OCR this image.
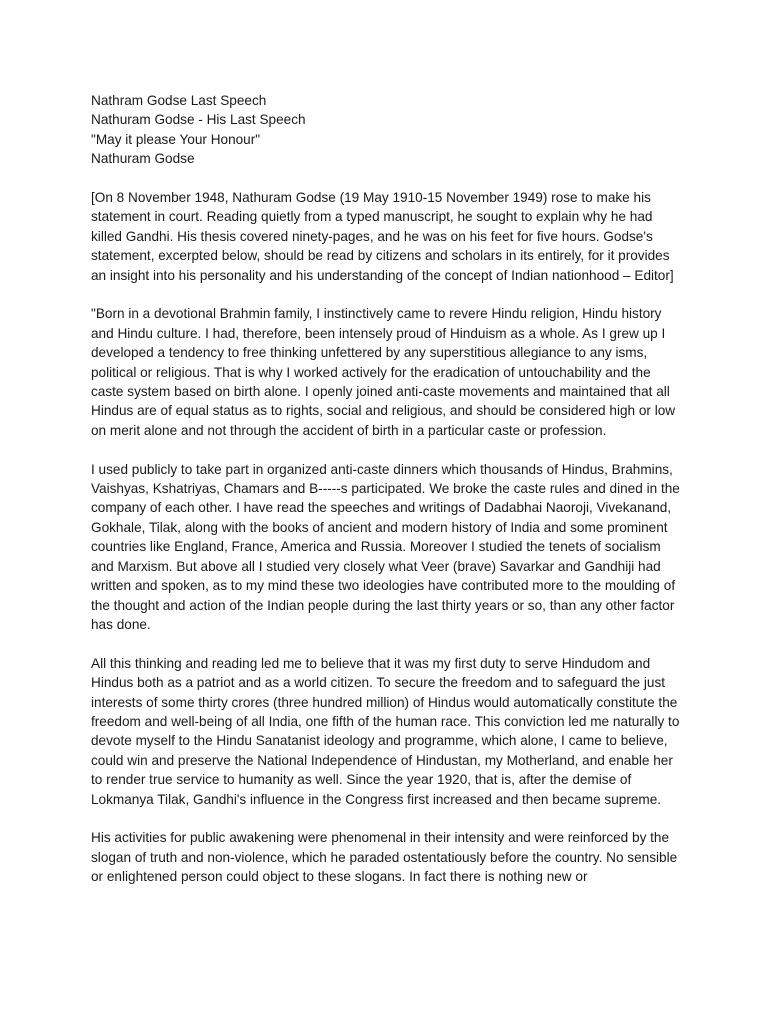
Nathram Godse Last Speech
Nathuram Godse - His Last Speech
"May it please Your Honour"
Nathuram Godse

[On 8 November 1948, Nathuram Godse (19 May 1910-15 November 1949) rose to make his statement in court. Reading quietly from a typed manuscript, he sought to explain why he had killed Gandhi. His thesis covered ninety-pages, and he was on his feet for five hours. Godse's statement, excerpted below, should be read by citizens and scholars in its entirely, for it provides an insight into his personality and his understanding of the concept of Indian nationhood – Editor]

"Born in a devotional Brahmin family, I instinctively came to revere Hindu religion, Hindu history and Hindu culture. I had, therefore, been intensely proud of Hinduism as a whole. As I grew up I developed a tendency to free thinking unfettered by any superstitious allegiance to any isms, political or religious. That is why I worked actively for the eradication of untouchability and the caste system based on birth alone. I openly joined anti-caste movements and maintained that all Hindus are of equal status as to rights, social and religious, and should be considered high or low on merit alone and not through the accident of birth in a particular caste or profession.

I used publicly to take part in organized anti-caste dinners which thousands of Hindus, Brahmins, Vaishyas, Kshatriyas, Chamars and B-----s participated. We broke the caste rules and dined in the company of each other. I have read the speeches and writings of Dadabhai Naoroji, Vivekanand, Gokhale, Tilak, along with the books of ancient and modern history of India and some prominent countries like England, France, America and Russia. Moreover I studied the tenets of socialism and Marxism. But above all I studied very closely what Veer (brave) Savarkar and Gandhiji had written and spoken, as to my mind these two ideologies have contributed more to the moulding of the thought and action of the Indian people during the last thirty years or so, than any other factor has done.

All this thinking and reading led me to believe that it was my first duty to serve Hindudom and Hindus both as a patriot and as a world citizen. To secure the freedom and to safeguard the just interests of some thirty crores (three hundred million) of Hindus would automatically constitute the freedom and well-being of all India, one fifth of the human race. This conviction led me naturally to devote myself to the Hindu Sanatanist ideology and programme, which alone, I came to believe, could win and preserve the National Independence of Hindustan, my Motherland, and enable her to render true service to humanity as well. Since the year 1920, that is, after the demise of Lokmanya Tilak, Gandhi's influence in the Congress first increased and then became supreme.

His activities for public awakening were phenomenal in their intensity and were reinforced by the slogan of truth and non-violence, which he paraded ostentatiously before the country. No sensible or enlightened person could object to these slogans. In fact there is nothing new or
